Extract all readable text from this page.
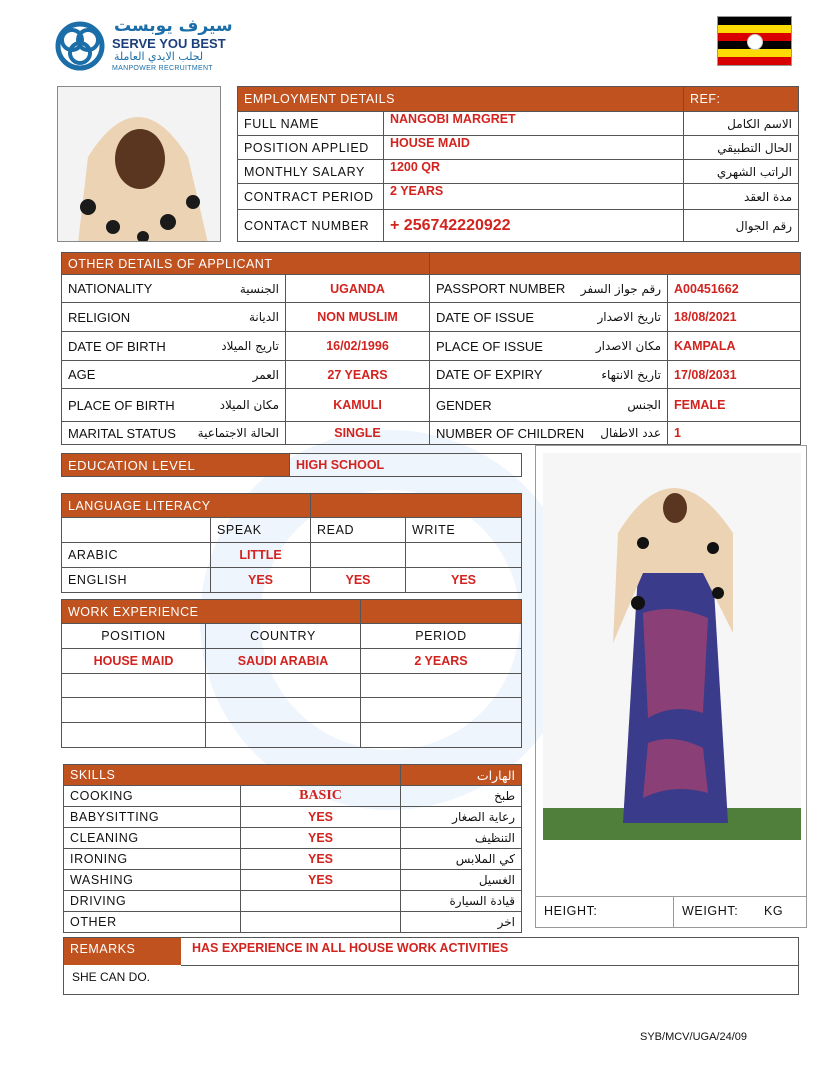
سيرف يوبست
SERVE YOU BEST
لجلب الايدي العاملة
MANPOWER RECRUITMENT
EMPLOYMENT DETAILS		REF:
FULL NAME	NANGOBI MARGRET	الاسم الكامل
POSITION APPLIED	HOUSE MAID	الحال التطبيقي
MONTHLY SALARY	1200 QR	الراتب الشهري
CONTRACT PERIOD	2 YEARS	مدة العقد
CONTACT NUMBER	+ 256742220922	رقم الجوال
OTHER DETAILS OF APPLICANT			

NATIONALITY الجنسية	UGANDA	PASSPORT NUMBER رقم جواز السفر	A00451662

RELIGION الديانة	NON MUSLIM	DATE OF ISSUE تاريخ الاصدار	18/08/2021

DATE OF BIRTH تاريج الميلاد	16/02/1996	PLACE OF ISSUE مكان الاصدار	KAMPALA

AGE العمر	27 YEARS	DATE OF EXPIRY تاريخ الانتهاء	17/08/2031

PLACE OF BIRTH مكان الميلاد	KAMULI	GENDER الجنس	FEMALE

MARITAL STATUS الحالة الاجتماعية	SINGLE	NUMBER OF CHILDREN عدد الاطفال	1
EDUCATION LEVEL	HIGH SCHOOL
LANGUAGE LITERACY			
	SPEAK	READ	WRITE
ARABIC	LITTLE		
ENGLISH	YES	YES	YES
WORK EXPERIENCE		
POSITION	COUNTRY	PERIOD
HOUSE MAID	SAUDI ARABIA	2 YEARS

HEIGHT:	WEIGHT: KG
SKILLS		الهارات
COOKING	BASIC	طبخ
BABYSITTING	YES	رعاية الصغار
CLEANING	YES	التنظيف
IRONING	YES	كي الملابس
WASHING	YES	الغسيل
DRIVING		قيادة السيارة
OTHER		اخر
REMARKS	HAS EXPERIENCE IN ALL HOUSE WORK ACTIVITIES
SHE CAN DO.
SYB/MCV/UGA/24/09
